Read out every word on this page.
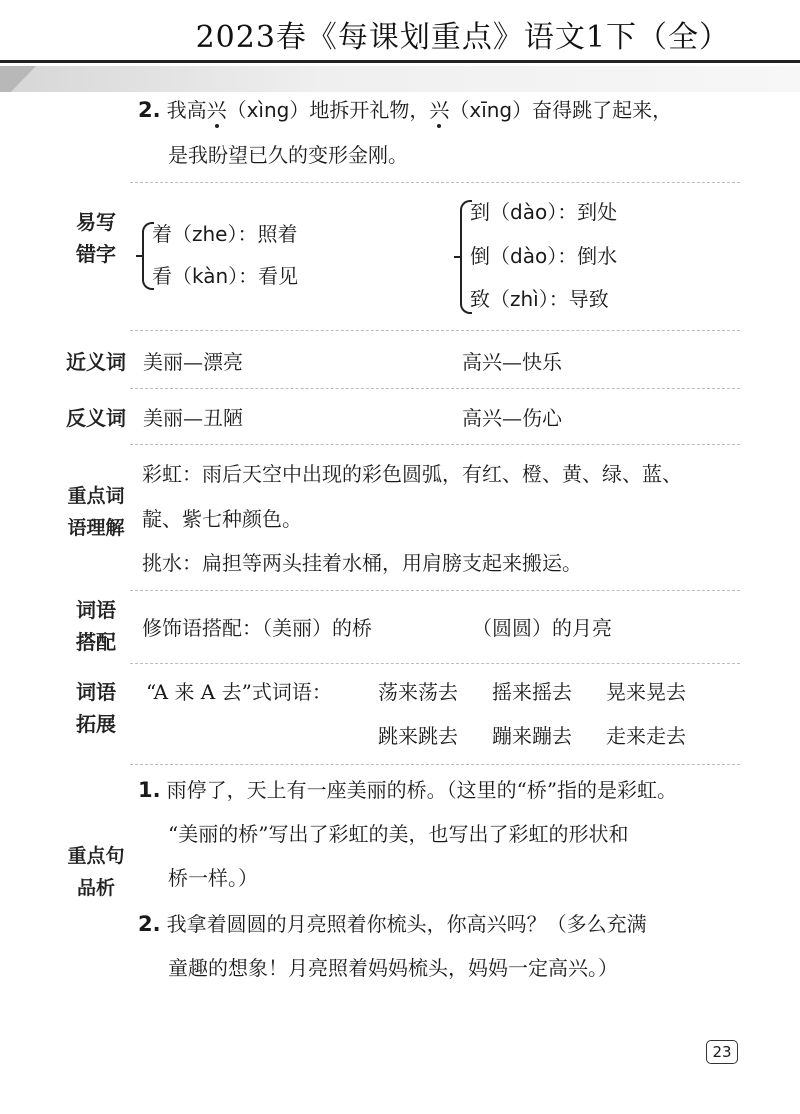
2023春《每课划重点》语文1下（全）
2. 我高兴（xìng）地拆开礼物，兴（xīng）奋得跳了起来，
是我盼望已久的变形金刚。
易写
错字
着（zhe）：照着
看（kàn）：看见
到（dào）：到处
倒（dào）：倒水
致（zhì）：导致
近义词 美丽—漂亮	高兴—快乐
反义词 美丽—丑陋	高兴—伤心
重点词
语理解
彩虹：雨后天空中出现的彩色圆弧，有红、橙、黄、绿、蓝、
靛、紫七种颜色。
挑水：扁担等两头挂着水桶，用肩膀支起来搬运。
词语
搭配
修饰语搭配：（美丽）的桥	（圆圆）的月亮
词语
拓展
“A 来 A 去”式词语： 荡来荡去 摇来摇去 晃来晃去
跳来跳去 蹦来蹦去 走来走去
重点句
品析
1. 雨停了，天上有一座美丽的桥。（这里的“桥”指的是彩虹。
“美丽的桥”写出了彩虹的美，也写出了彩虹的形状和
桥一样。）
2. 我拿着圆圆的月亮照着你梳头，你高兴吗？（多么充满
童趣的想象！月亮照着妈妈梳头，妈妈一定高兴。）
23
